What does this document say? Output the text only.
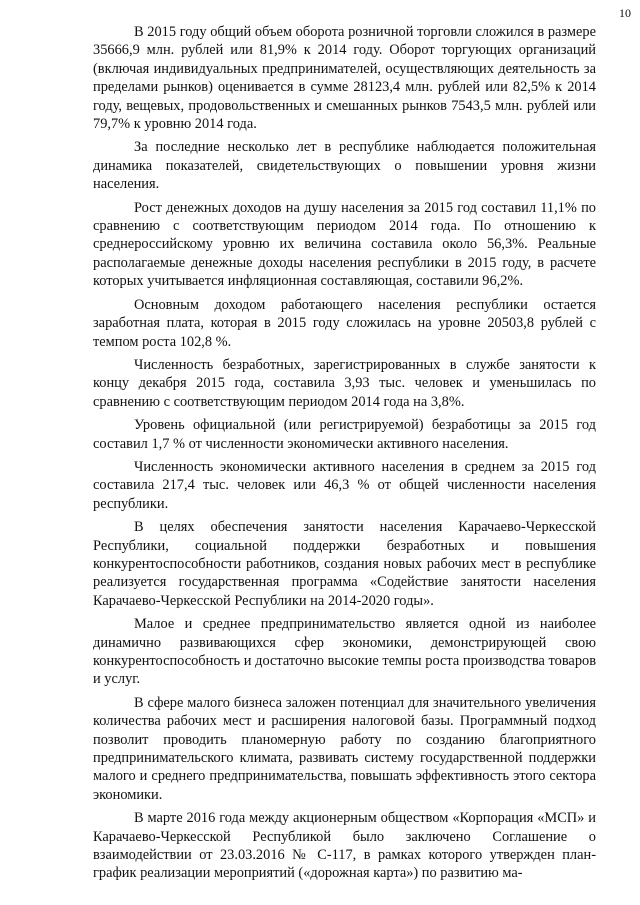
10

В 2015 году общий объем оборота розничной торговли сложился в размере 35666,9 млн. рублей или 81,9% к 2014 году. Оборот торгующих организаций (включая индивидуальных предпринимателей, осуществляющих деятельность за пределами рынков) оценивается в сумме 28123,4 млн. рублей или 82,5% к 2014 году, вещевых, продовольственных и смешанных рынков 7543,5 млн. рублей или 79,7% к уровню 2014 года.

За последние несколько лет в республике наблюдается положительная динамика показателей, свидетельствующих о повышении уровня жизни населения.

Рост денежных доходов на душу населения за 2015 год составил 11,1% по сравнению с соответствующим периодом 2014 года. По отношению к среднероссийскому уровню их величина составила около 56,3%. Реальные располагаемые денежные доходы населения республики в 2015 году, в расчете которых учитывается инфляционная составляющая, составили 96,2%.

Основным доходом работающего населения республики остается заработная плата, которая в 2015 году сложилась на уровне 20503,8 рублей с темпом роста 102,8 %.

Численность безработных, зарегистрированных в службе занятости к концу декабря 2015 года, составила 3,93 тыс. человек и уменьшилась по сравнению с соответствующим периодом 2014 года на 3,8%.

Уровень официальной (или регистрируемой) безработицы за 2015 год составил 1,7 % от численности экономически активного населения.

Численность экономически активного населения в среднем за 2015 год составила 217,4 тыс. человек или 46,3 % от общей численности населения республики.

В целях обеспечения занятости населения Карачаево-Черкесской Республики, социальной поддержки безработных и повышения конкурентоспособности работников, создания новых рабочих мест в республике реализуется государственная программа «Содействие занятости населения Карачаево-Черкесской Республики на 2014-2020 годы».

Малое и среднее предпринимательство является одной из наиболее динамично развивающихся сфер экономики, демонстрирующей свою конкурентоспособность и достаточно высокие темпы роста производства товаров и услуг.

В сфере малого бизнеса заложен потенциал для значительного увеличения количества рабочих мест и расширения налоговой базы. Программный подход позволит проводить планомерную работу по созданию благоприятного предпринимательского климата, развивать систему государственной поддержки малого и среднего предпринимательства, повышать эффективность этого сектора экономики.

В марте 2016 года между акционерным обществом «Корпорация «МСП» и Карачаево-Черкесской Республикой было заключено Соглашение о взаимодействии от 23.03.2016 № С-117, в рамках которого утвержден план-график реализации мероприятий («дорожная карта») по развитию ма-
